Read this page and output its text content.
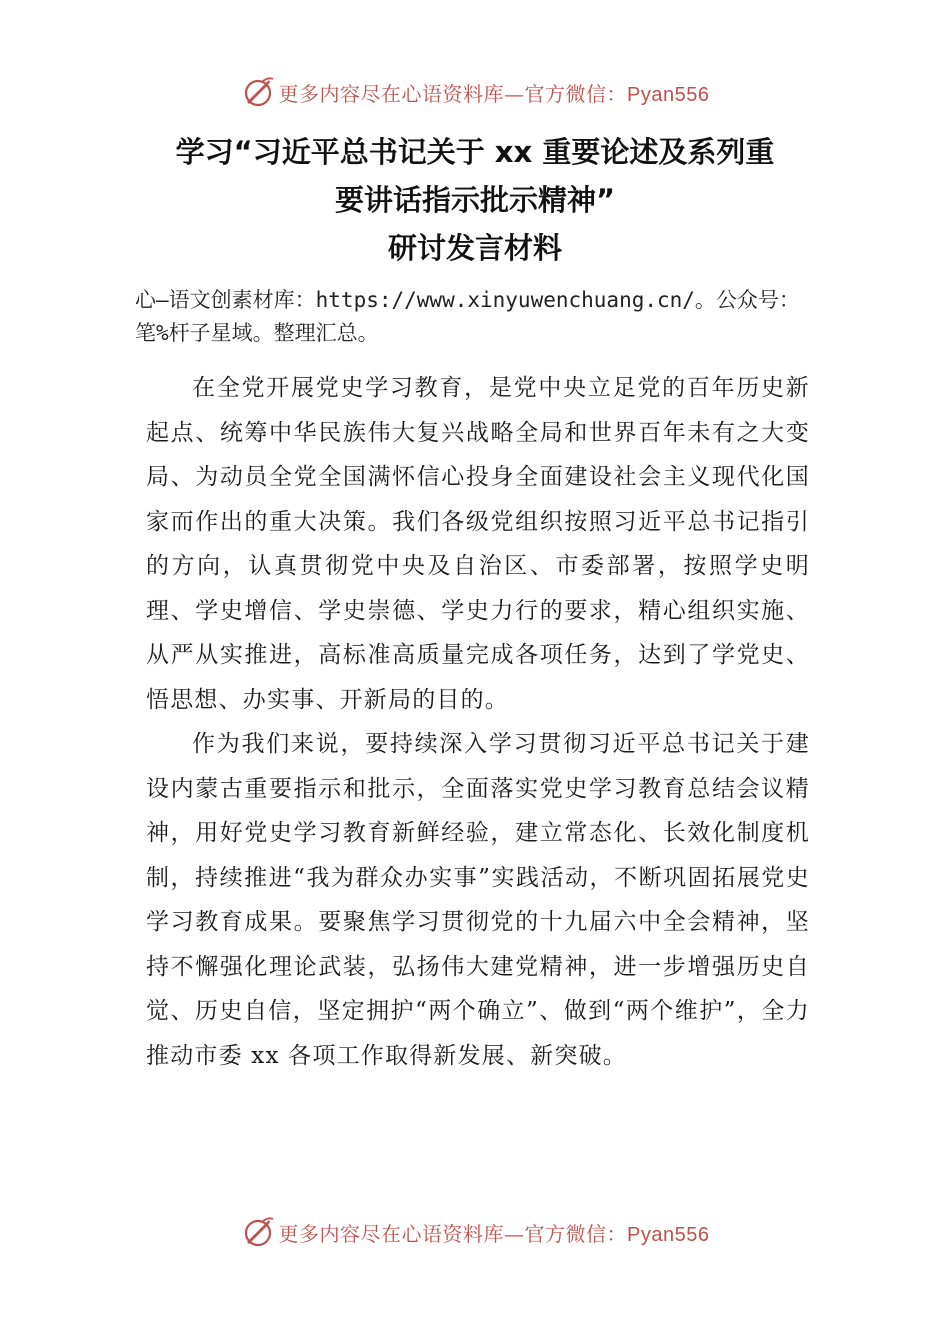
更多内容尽在心语资料库—官方微信：Pyan556
学习“习近平总书记关于 xx 重要论述及系列重
要讲话指示批示精神”
研讨发言材料
心—语文创素材库：https://www.xinyuwenchuang.cn/。公众号：笔%杆子星域。整理汇总。

在全党开展党史学习教育，是党中央立足党的百年历史新起点、统筹中华民族伟大复兴战略全局和世界百年未有之大变局、为动员全党全国满怀信心投身全面建设社会主义现代化国家而作出的重大决策。我们各级党组织按照习近平总书记指引的方向，认真贯彻党中央及自治区、市委部署，按照学史明理、学史增信、学史崇德、学史力行的要求，精心组织实施、从严从实推进，高标准高质量完成各项任务，达到了学党史、悟思想、办实事、开新局的目的。

作为我们来说，要持续深入学习贯彻习近平总书记关于建设内蒙古重要指示和批示，全面落实党史学习教育总结会议精神，用好党史学习教育新鲜经验，建立常态化、长效化制度机制，持续推进“我为群众办实事”实践活动，不断巩固拓展党史学习教育成果。要聚焦学习贯彻党的十九届六中全会精神，坚持不懈强化理论武装，弘扬伟大建党精神，进一步增强历史自觉、历史自信，坚定拥护“两个确立”、做到“两个维护”，全力推动市委 xx 各项工作取得新发展、新突破。

更多内容尽在心语资料库—官方微信：Pyan556
